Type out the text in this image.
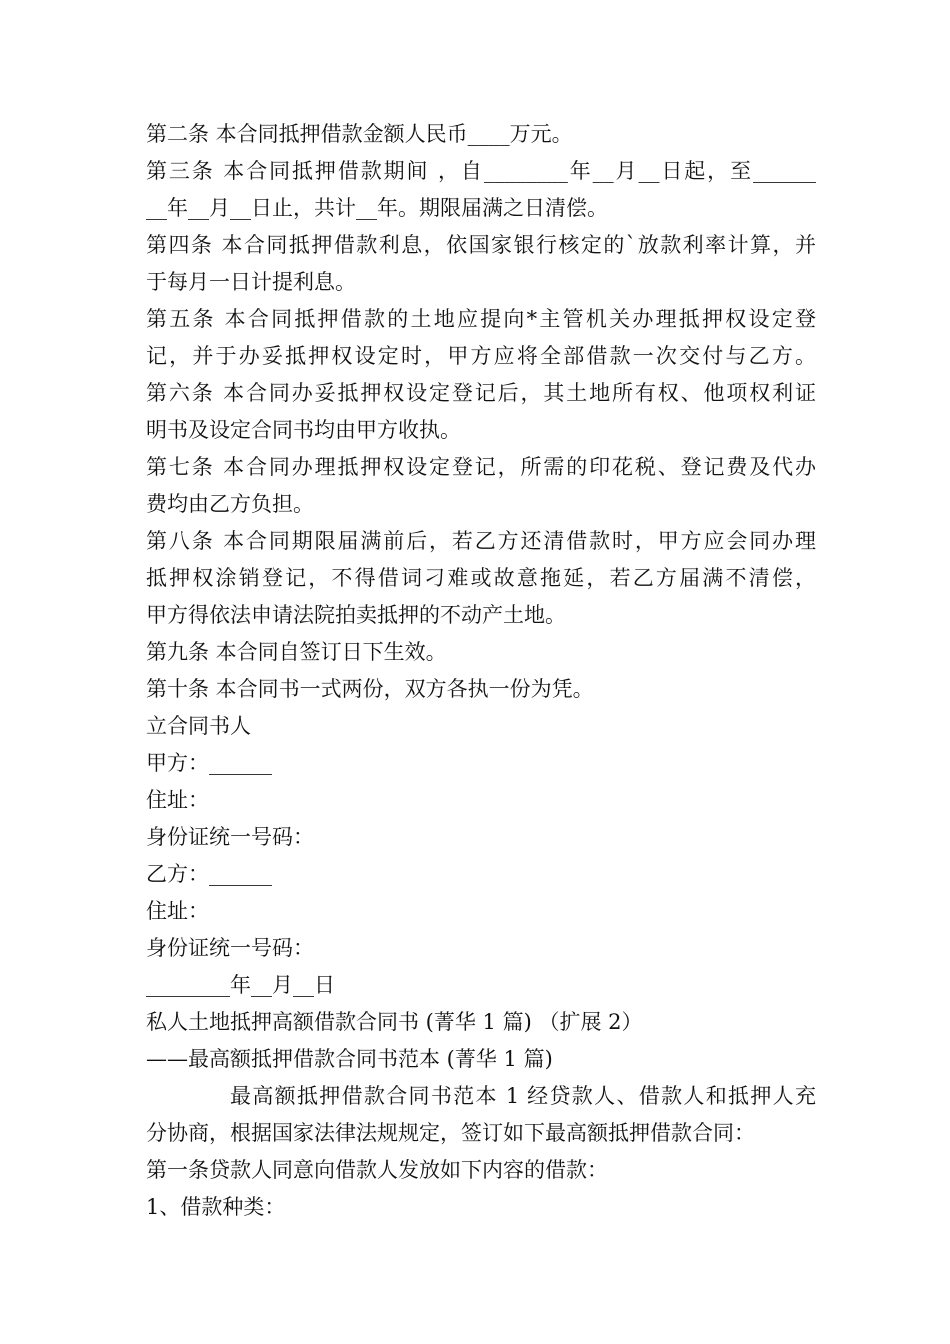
第二条 本合同抵押借款金额人民币____万元。
第三条 本合同抵押借款期间 ，自________年__月__日起，至______
__年__月__日止，共计__年。期限届满之日清偿。
第四条 本合同抵押借款利息，依国家银行核定的`放款利率计算，并
于每月一日计提利息。
第五条 本合同抵押借款的土地应提向*主管机关办理抵押权设定登
记，并于办妥抵押权设定时，甲方应将全部借款一次交付与乙方。
第六条 本合同办妥抵押权设定登记后，其土地所有权、他项权利证
明书及设定合同书均由甲方收执。
第七条 本合同办理抵押权设定登记，所需的印花税、登记费及代办
费均由乙方负担。
第八条 本合同期限届满前后，若乙方还清借款时，甲方应会同办理
抵押权涂销登记，不得借词刁难或故意拖延，若乙方届满不清偿，
甲方得依法申请法院拍卖抵押的不动产土地。
第九条 本合同自签订日下生效。
第十条 本合同书一式两份，双方各执一份为凭。
立合同书人
甲方：______
住址：
身份证统一号码：
乙方：______
住址：
身份证统一号码：
________年__月__日
私人土地抵押高额借款合同书 (菁华 1 篇) （扩展 2）
——最高额抵押借款合同书范本 (菁华 1 篇)
最高额抵押借款合同书范本 1 经贷款人、借款人和抵押人充
分协商，根据国家法律法规规定，签订如下最高额抵押借款合同：
第一条贷款人同意向借款人发放如下内容的借款：
1、借款种类：
